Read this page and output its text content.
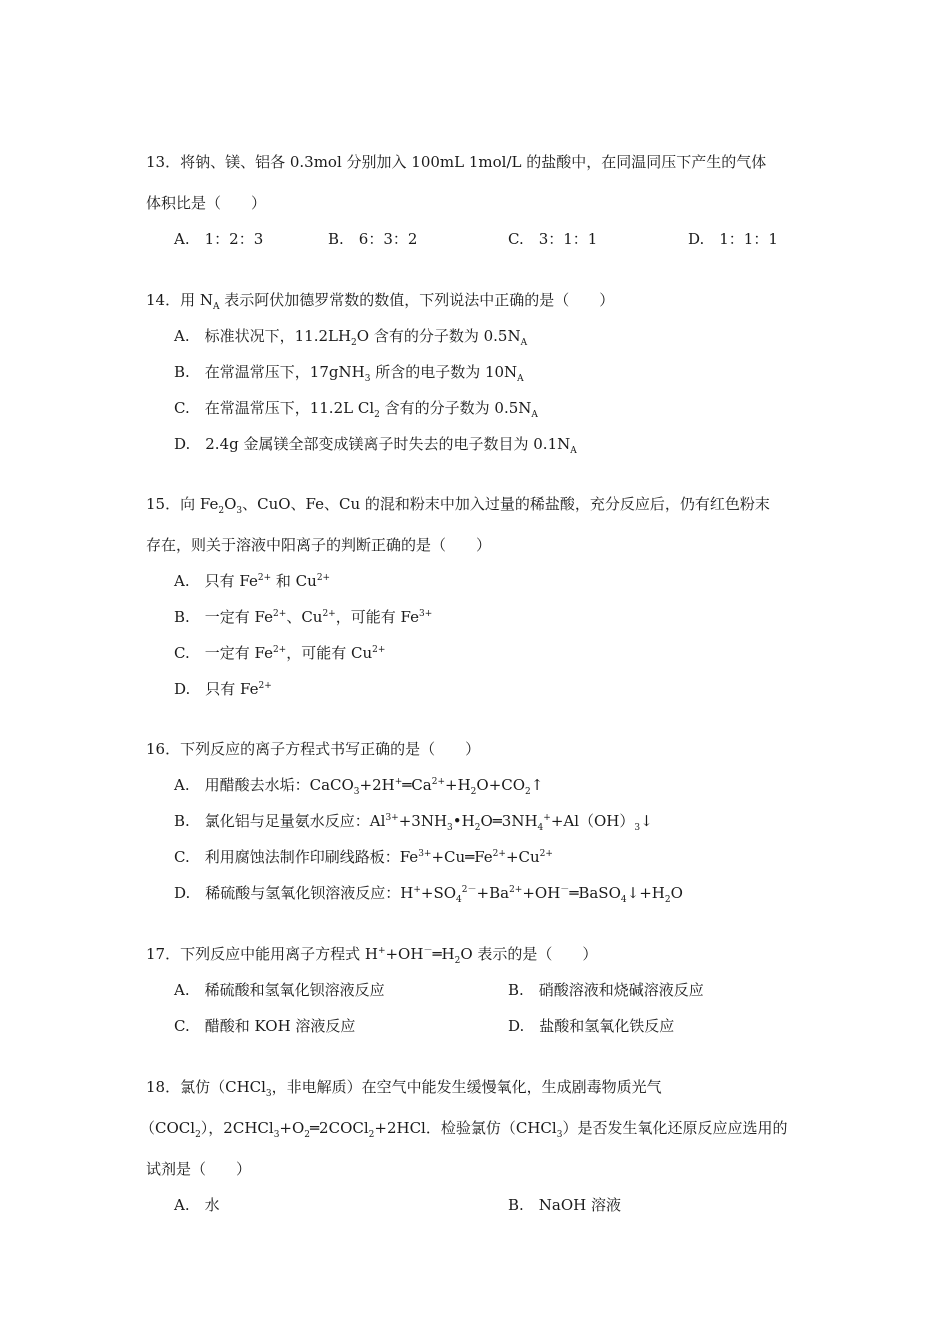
13．将钠、镁、铝各 0.3mol 分别加入 100mL 1mol/L 的盐酸中，在同温同压下产生的气体
体积比是（　　）
A.　1：2：3	B.　6：3：2	C.　3：1：1	D.　1：1：1
14．用 $N_A$ 表示阿伏加德罗常数的数值，下列说法中正确的是（　　）
A.　标准状况下，$11.2LH_2O$ 含有的分子数为 $0.5N_A$
B.　在常温常压下，17gNH$_3$ 所含的电子数为 $10N_A$
C.　在常温常压下，11.2L $Cl_2$ 含有的分子数为 $0.5N_A$
D.　2.4g 金属镁全部变成镁离子时失去的电子数目为 $0.1N_A$
15．向 $Fe_2O_3$、CuO、Fe、Cu 的混和粉末中加入过量的稀盐酸，充分反应后，仍有红色粉末
存在，则关于溶液中阳离子的判断正确的是（　　）
A.　只有 $Fe^{2+}$ 和 $Cu^{2+}$
B.　一定有 $Fe^{2+}$、$Cu^{2+}$，可能有 $Fe^{3+}$
C.　一定有 $Fe^{2+}$，可能有 $Cu^{2+}$
D.　只有 $Fe^{2+}$
16．下列反应的离子方程式书写正确的是（　　）
A.　用醋酸去水垢：$CaCO_3+2H^+═Ca^{2+}+H_2O+CO_2↑$
B.　氯化铝与足量氨水反应：$Al^{3+}+3NH_3•H_2O═3NH_4^++Al(OH)_3↓$
C.　利用腐蚀法制作印刷线路板：$Fe^{3+}+Cu═Fe^{2+}+Cu^{2+}$
D.　稀硫酸与氢氧化钡溶液反应：$H^++SO_4^{2-}+Ba^{2+}+OH^-═BaSO_4↓+H_2O$
17．下列反应中能用离子方程式 $H^++OH^-═H_2O$ 表示的是（　　）
A.　稀硫酸和氢氧化钡溶液反应	B.　硝酸溶液和烧碱溶液反应
C.　醋酸和 KOH 溶液反应	D.　盐酸和氢氧化铁反应
18．氯仿（CHCl$_3$，非电解质）在空气中能发生缓慢氧化，生成剧毒物质光气
（COCl$_2$），$2CHCl_3+O_2═2COCl_2+2HCl$．检验氯仿（CHCl$_3$）是否发生氧化还原反应应选用的
试剂是（　　）
A.　水	B.　NaOH 溶液
